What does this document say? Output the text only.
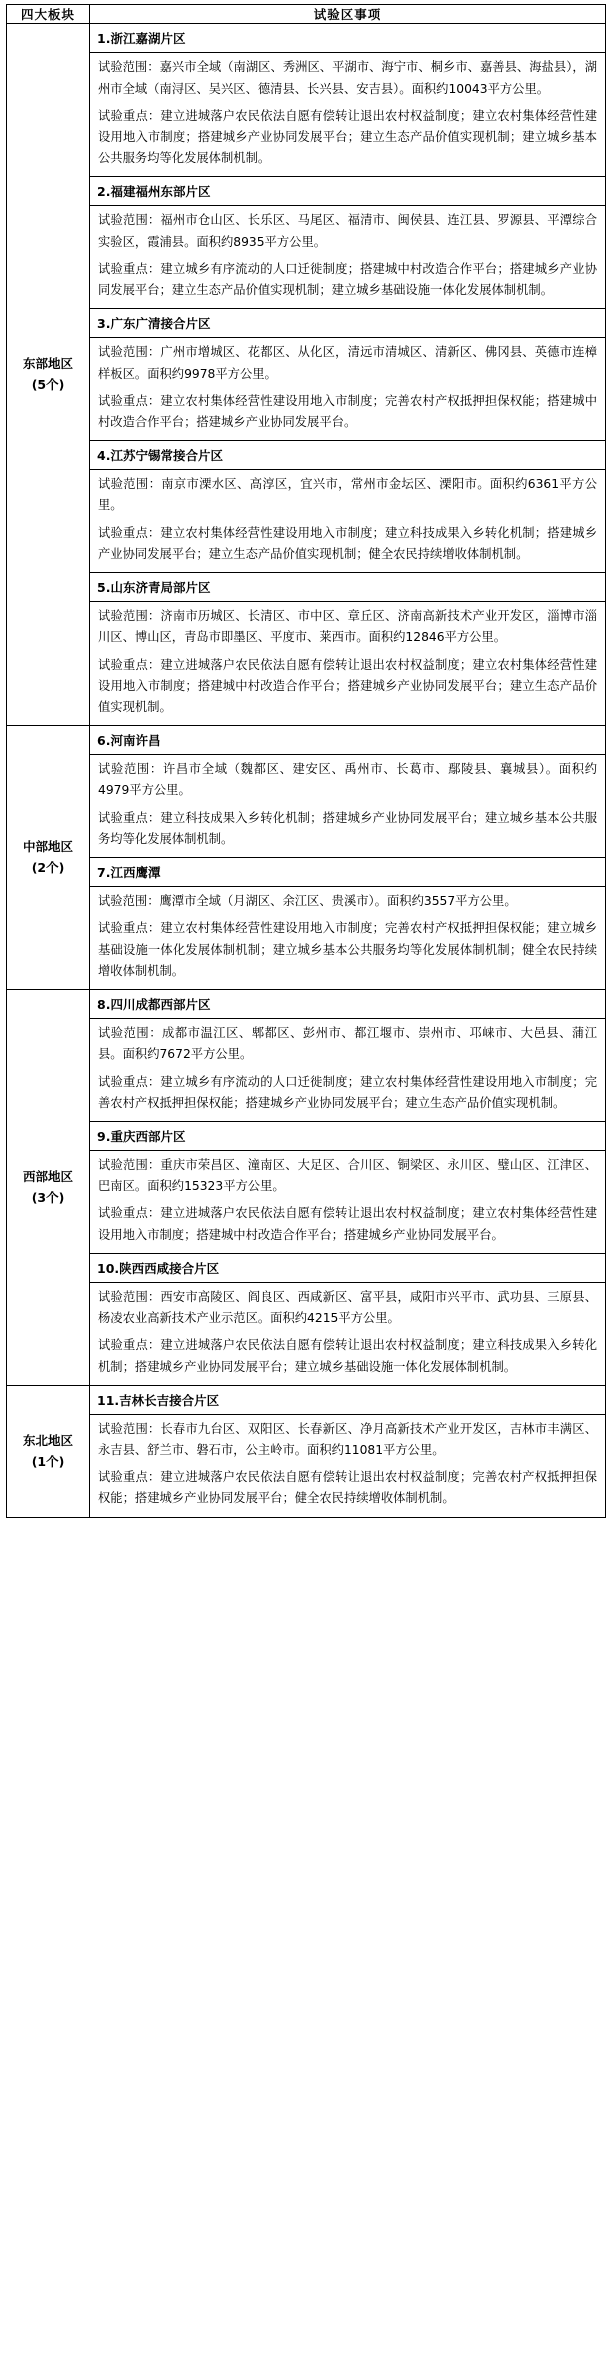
四大板块	试验区事项
东部地区
(5个)

1.浙江嘉湖片区
试验范围：嘉兴市全域（南湖区、秀洲区、平湖市、海宁市、桐乡市、嘉善县、海盐县），湖州市全域（南浔区、吴兴区、德清县、长兴县、安吉县）。面积约10043平方公里。
试验重点：建立进城落户农民依法自愿有偿转让退出农村权益制度；建立农村集体经营性建设用地入市制度；搭建城乡产业协同发展平台；建立生态产品价值实现机制；建立城乡基本公共服务均等化发展体制机制。
2.福建福州东部片区
试验范围：福州市仓山区、长乐区、马尾区、福清市、闽侯县、连江县、罗源县、平潭综合实验区，霞浦县。面积约8935平方公里。
试验重点：建立城乡有序流动的人口迁徙制度；搭建城中村改造合作平台；搭建城乡产业协同发展平台；建立生态产品价值实现机制；建立城乡基础设施一体化发展体制机制。
3.广东广清接合片区
试验范围：广州市增城区、花都区、从化区，清远市清城区、清新区、佛冈县、英德市连樟样板区。面积约9978平方公里。
试验重点：建立农村集体经营性建设用地入市制度；完善农村产权抵押担保权能；搭建城中村改造合作平台；搭建城乡产业协同发展平台。
4.江苏宁锡常接合片区
试验范围：南京市溧水区、高淳区，宜兴市，常州市金坛区、溧阳市。面积约6361平方公里。
试验重点：建立农村集体经营性建设用地入市制度；建立科技成果入乡转化机制；搭建城乡产业协同发展平台；建立生态产品价值实现机制；健全农民持续增收体制机制。
5.山东济青局部片区
试验范围：济南市历城区、长清区、市中区、章丘区、济南高新技术产业开发区，淄博市淄川区、博山区，青岛市即墨区、平度市、莱西市。面积约12846平方公里。
试验重点：建立进城落户农民依法自愿有偿转让退出农村权益制度；建立农村集体经营性建设用地入市制度；搭建城中村改造合作平台；搭建城乡产业协同发展平台；建立生态产品价值实现机制。

中部地区
(2个)

6.河南许昌
试验范围：许昌市全域（魏都区、建安区、禹州市、长葛市、鄢陵县、襄城县）。面积约4979平方公里。
试验重点：建立科技成果入乡转化机制；搭建城乡产业协同发展平台；建立城乡基本公共服务均等化发展体制机制。
7.江西鹰潭
试验范围：鹰潭市全域（月湖区、余江区、贵溪市）。面积约3557平方公里。
试验重点：建立农村集体经营性建设用地入市制度；完善农村产权抵押担保权能；建立城乡基础设施一体化发展体制机制；建立城乡基本公共服务均等化发展体制机制；健全农民持续增收体制机制。

西部地区
(3个)

8.四川成都西部片区
试验范围：成都市温江区、郫都区、彭州市、都江堰市、崇州市、邛崃市、大邑县、蒲江县。面积约7672平方公里。
试验重点：建立城乡有序流动的人口迁徙制度；建立农村集体经营性建设用地入市制度；完善农村产权抵押担保权能；搭建城乡产业协同发展平台；建立生态产品价值实现机制。
9.重庆西部片区
试验范围：重庆市荣昌区、潼南区、大足区、合川区、铜梁区、永川区、璧山区、江津区、巴南区。面积约15323平方公里。
试验重点：建立进城落户农民依法自愿有偿转让退出农村权益制度；建立农村集体经营性建设用地入市制度；搭建城中村改造合作平台；搭建城乡产业协同发展平台。
10.陕西西咸接合片区
试验范围：西安市高陵区、阎良区、西咸新区、富平县，咸阳市兴平市、武功县、三原县、杨凌农业高新技术产业示范区。面积约4215平方公里。
试验重点：建立进城落户农民依法自愿有偿转让退出农村权益制度；建立科技成果入乡转化机制；搭建城乡产业协同发展平台；建立城乡基础设施一体化发展体制机制。

东北地区
(1个)

11.吉林长吉接合片区
试验范围：长春市九台区、双阳区、长春新区、净月高新技术产业开发区，吉林市丰满区、永吉县、舒兰市、磐石市，公主岭市。面积约11081平方公里。
试验重点：建立进城落户农民依法自愿有偿转让退出农村权益制度；完善农村产权抵押担保权能；搭建城乡产业协同发展平台；健全农民持续增收体制机制。
